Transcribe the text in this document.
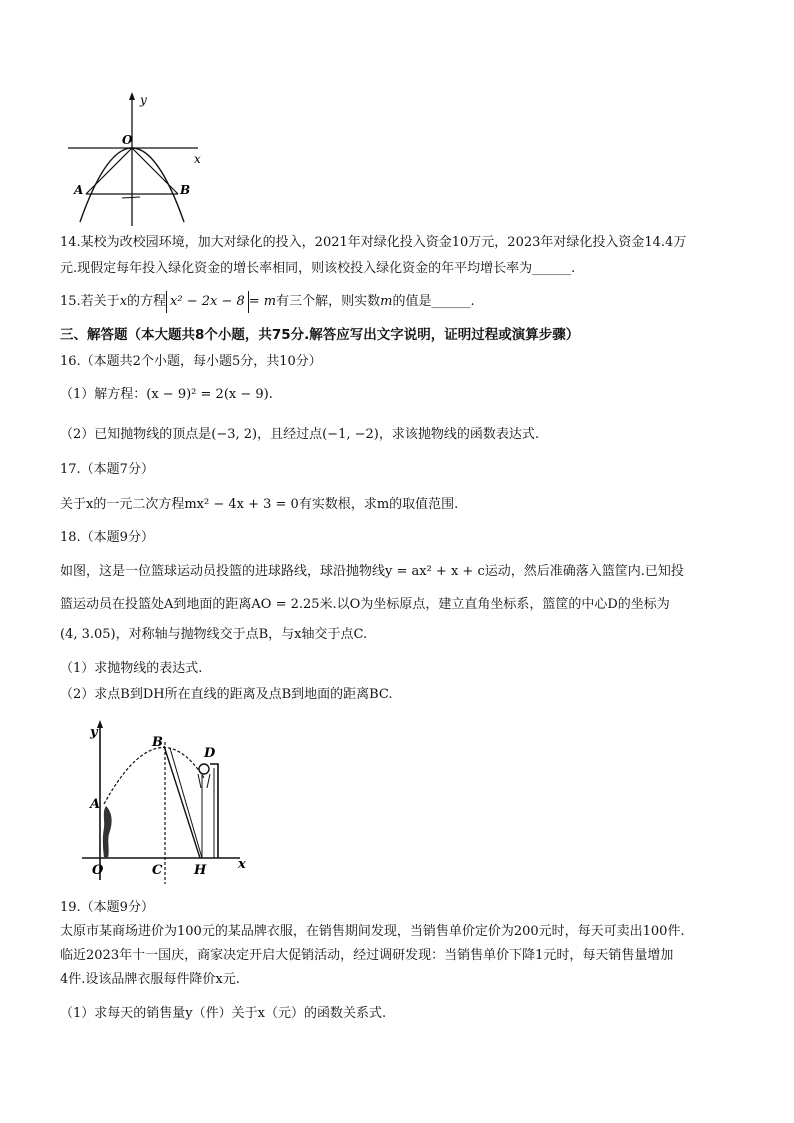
y
x
O
A	B
14.某校为改校园环境，加大对绿化的投入，2021年对绿化投入资金10万元，2023年对绿化投入资金14.4万
元.现假定每年投入绿化资金的增长率相同，则该校投入绿化资金的年平均增长率为______.
15.若关于x的方程 x² − 2x − 8 = m有三个解，则实数m的值是______.
三、解答题（本大题共8个小题，共75分.解答应写出文字说明，证明过程或演算步骤）
16.（本题共2个小题，每小题5分，共10分）
（1）解方程：(x − 9)² = 2(x − 9).
（2）已知抛物线的顶点是(−3, 2)，且经过点(−1, −2)，求该抛物线的函数表达式.
17.（本题7分）
关于x的一元二次方程mx² − 4x + 3 = 0有实数根，求m的取值范围.
18.（本题9分）
如图，这是一位篮球运动员投篮的进球路线，球沿抛物线y = ax² + x + c运动，然后准确落入篮筐内.已知投
篮运动员在投篮处A到地面的距离AO = 2.25米.以O为坐标原点，建立直角坐标系，篮筐的中心D的坐标为
(4, 3.05)，对称轴与抛物线交于点B，与x轴交于点C.
（1）求抛物线的表达式.
（2）求点B到DH所在直线的距离及点B到地面的距离BC.
y
x
O
A
B
C
D
H
19.（本题9分）
太原市某商场进价为100元的某品牌衣服，在销售期间发现，当销售单价定价为200元时，每天可卖出100件.
临近2023年十一国庆，商家决定开启大促销活动，经过调研发现：当销售单价下降1元时，每天销售量增加
4件.设该品牌衣服每件降价x元.
（1）求每天的销售量y（件）关于x（元）的函数关系式.
